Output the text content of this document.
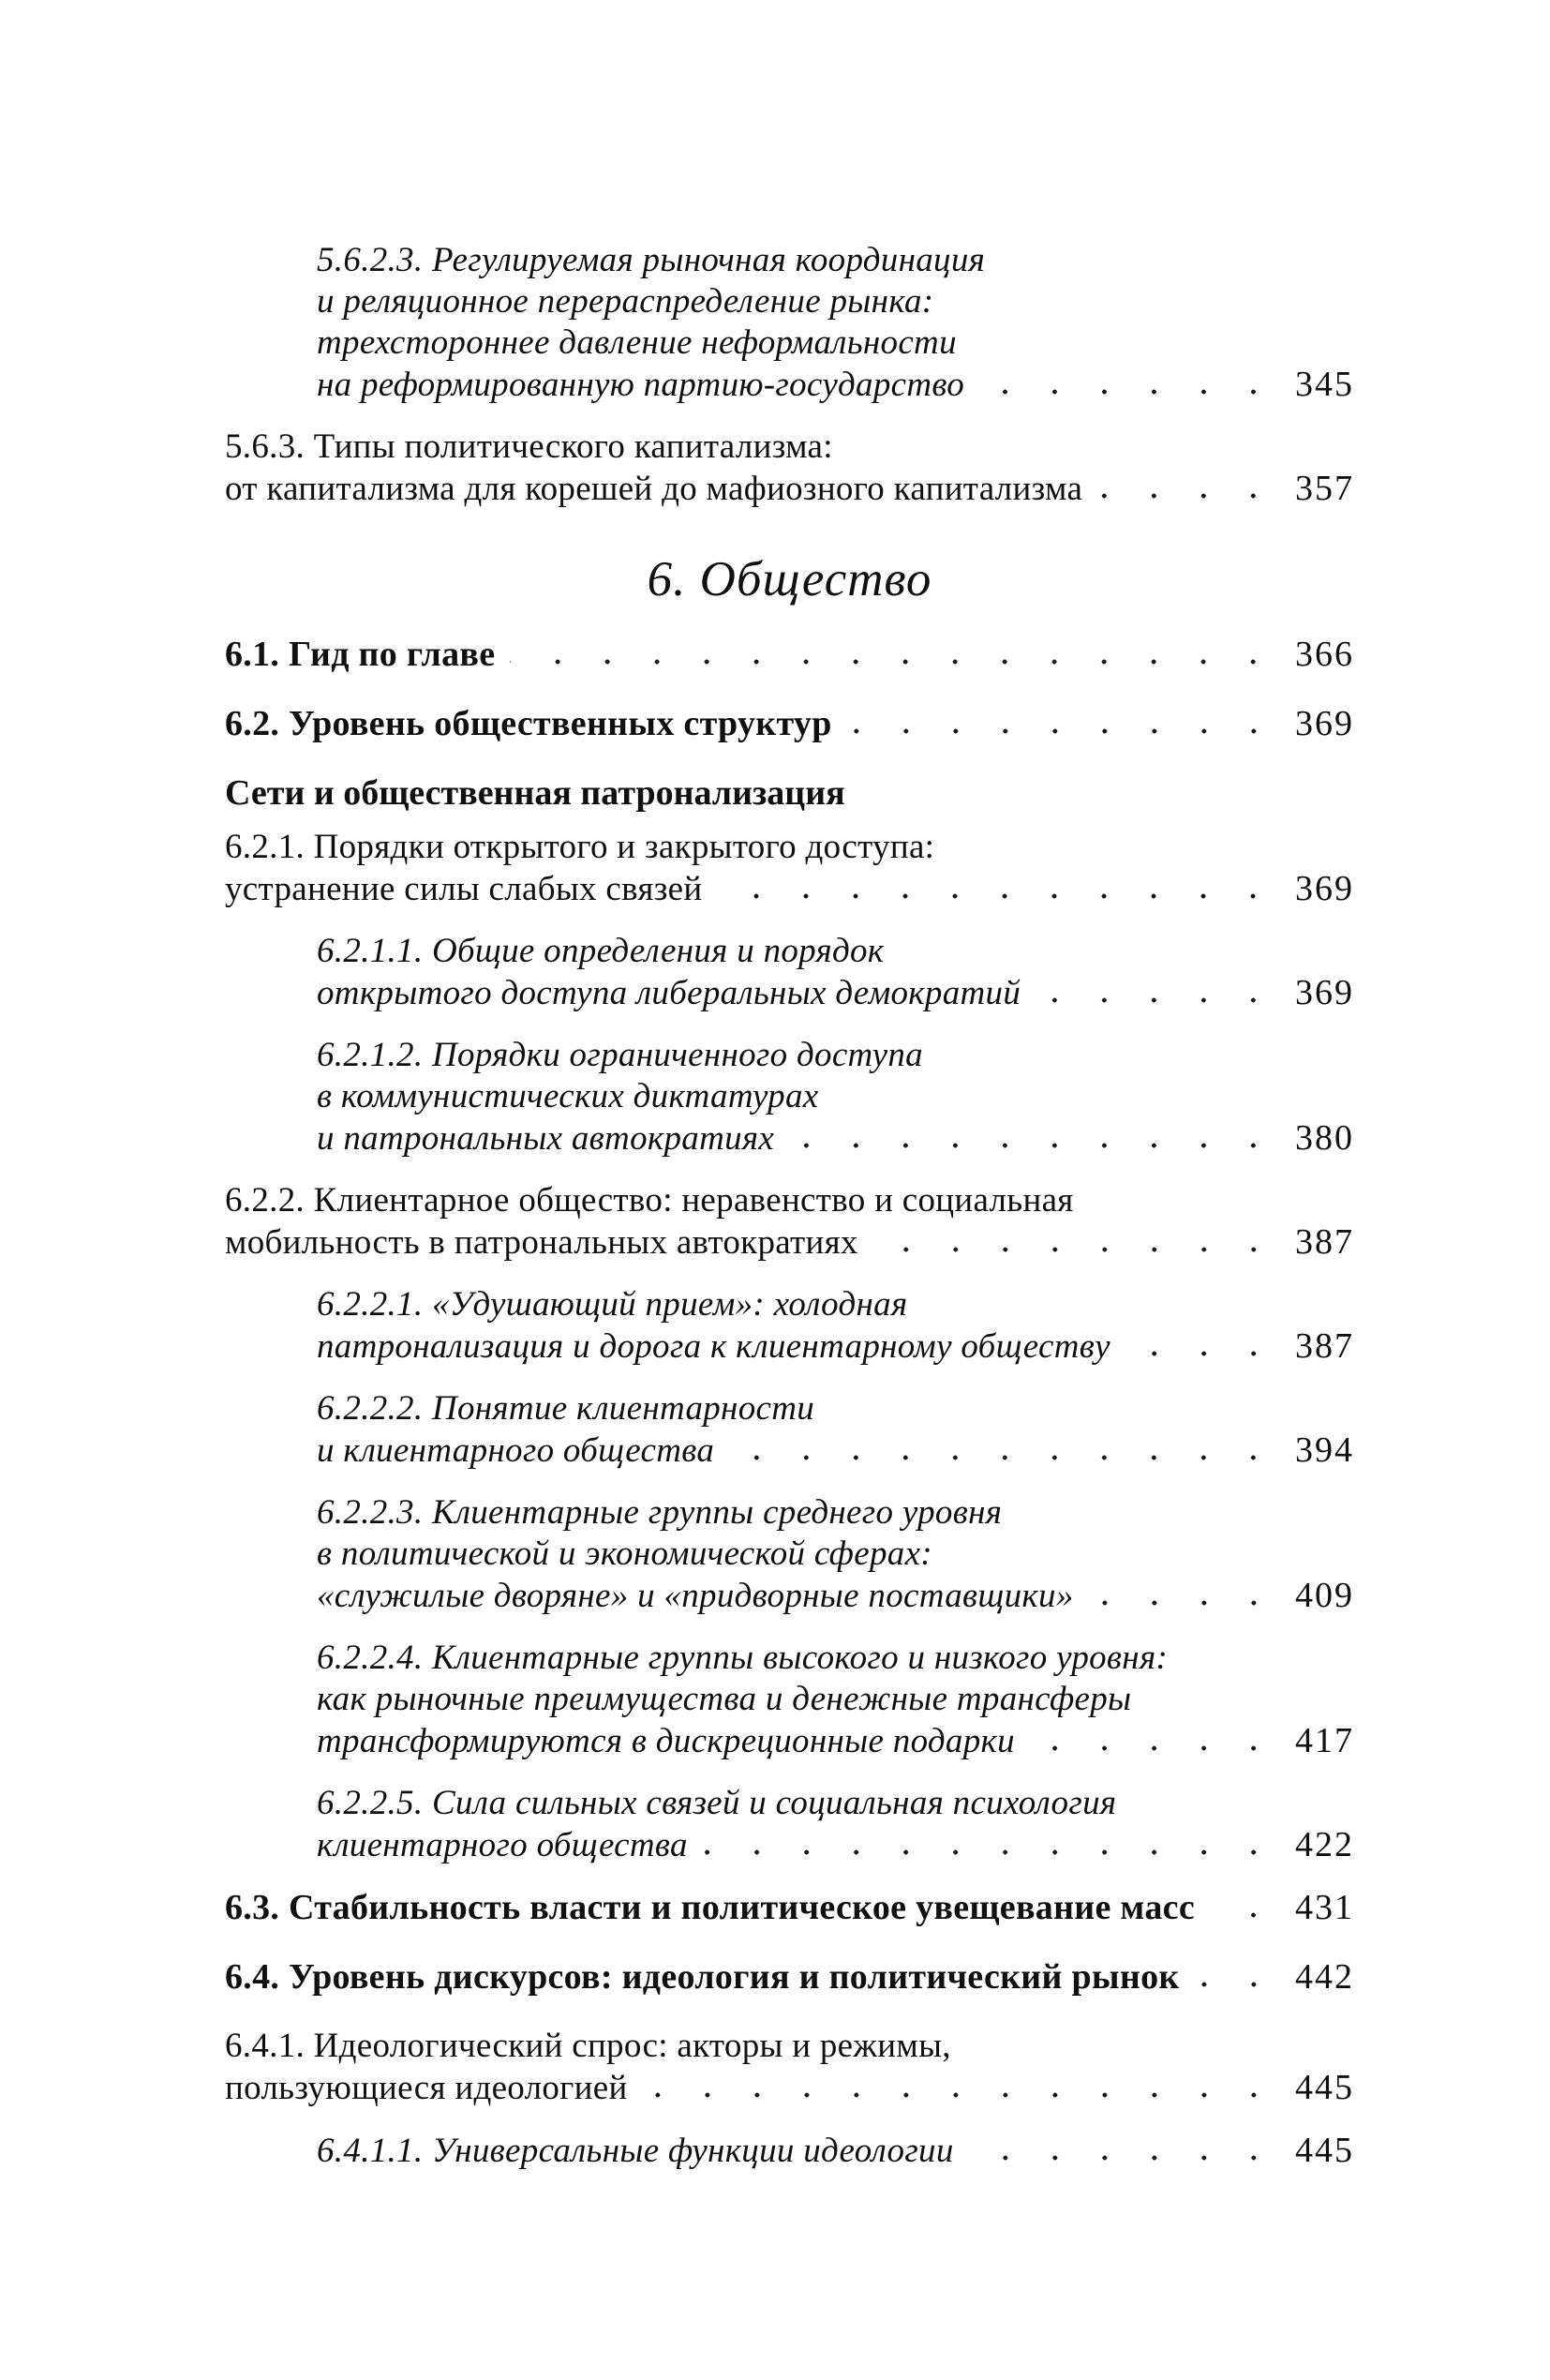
5.6.2.3. Регулируемая рыночная координация
и реляционное перераспределение рынка:
трехстороннее давление неформальности
на реформированную партию-государство	345
5.6.3. Типы политического капитализма:
от капитализма для корешей до мафиозного капитализма	357
6. Общество
6.1. Гид по главе	366
6.2. Уровень общественных структур	369
Сети и общественная патронализация
6.2.1. Порядки открытого и закрытого доступа:
устранение силы слабых связей	369
6.2.1.1. Общие определения и порядок
открытого доступа либеральных демократий	369
6.2.1.2. Порядки ограниченного доступа
в коммунистических диктатурах
и патрональных автократиях	380
6.2.2. Клиентарное общество: неравенство и социальная
мобильность в патрональных автократиях	387
6.2.2.1. «Удушающий прием»: холодная
патронализация и дорога к клиентарному обществу	387
6.2.2.2. Понятие клиентарности
и клиентарного общества	394
6.2.2.3. Клиентарные группы среднего уровня
в политической и экономической сферах:
«служилые дворяне» и «придворные поставщики»	409
6.2.2.4. Клиентарные группы высокого и низкого уровня:
как рыночные преимущества и денежные трансферы
трансформируются в дискреционные подарки	417
6.2.2.5. Сила сильных связей и социальная психология
клиентарного общества	422
6.3. Стабильность власти и политическое увещевание масс	431
6.4. Уровень дискурсов: идеология и политический рынок	442
6.4.1. Идеологический спрос: акторы и режимы,
пользующиеся идеологией	445
6.4.1.1. Универсальные функции идеологии	445
